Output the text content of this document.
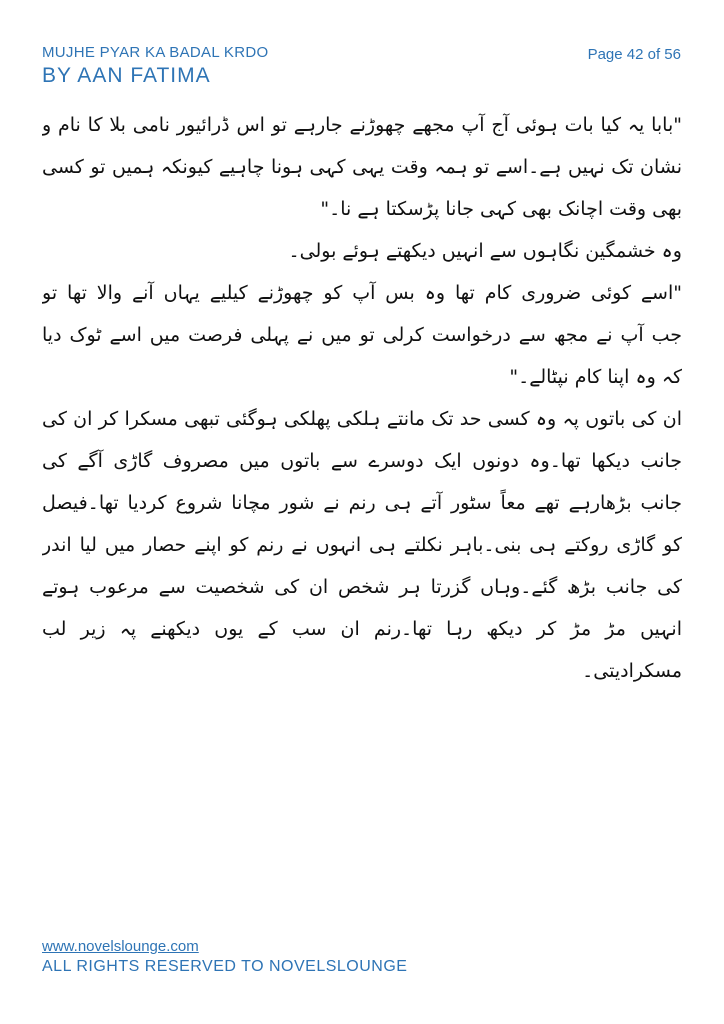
MUJHE PYAR KA BADAL KRDO
BY AAN FATIMA
Page 42 of 56
"بابا یہ کیا بات ہوئی آج آپ مجھے چھوڑنے جارہے تو اس ڈرائیور نامی بلا کا نام و
نشان تک نہیں ہے۔اسے تو ہمہ وقت یہی کہی ہونا چاہیے کیونکہ ہمیں تو کسی
بھی وقت اچانک بھی کہی جانا پڑسکتا ہے نا۔"
وہ خشمگین نگاہوں سے انہیں دیکھتے ہوئے بولی۔
"اسے کوئی ضروری کام تھا وہ بس آپ کو چھوڑنے کیلیے یہاں آنے والا تھا تو
جب آپ نے مجھ سے درخواست کرلی تو میں نے پہلی فرصت میں اسے ٹوک دیا
کہ وہ اپنا کام نپٹالے۔"
ان کی باتوں پہ وہ کسی حد تک مانتے ہلکی پھلکی ہوگئی تبھی مسکرا کر ان کی
جانب دیکھا تھا۔وہ دونوں ایک دوسرے سے باتوں میں مصروف گاڑی آگے کی
جانب بڑھارہے تھے معاً سٹور آتے ہی رنم نے شور مچانا شروع کردیا تھا۔فیصل
کو گاڑی روکتے ہی بنی۔باہر نکلتے ہی انہوں نے رنم کو اپنے حصار میں لیا اندر
کی جانب بڑھ گئے۔وہاں گزرتا ہر شخص ان کی شخصیت سے مرعوب ہوتے
انہیں مڑ مڑ کر دیکھ رہا تھا۔رنم ان سب کے یوں دیکھنے پہ زیر لب
مسکرادیتی۔
www.novelslounge.com
ALL RIGHTS RESERVED TO NOVELSLOUNGE
